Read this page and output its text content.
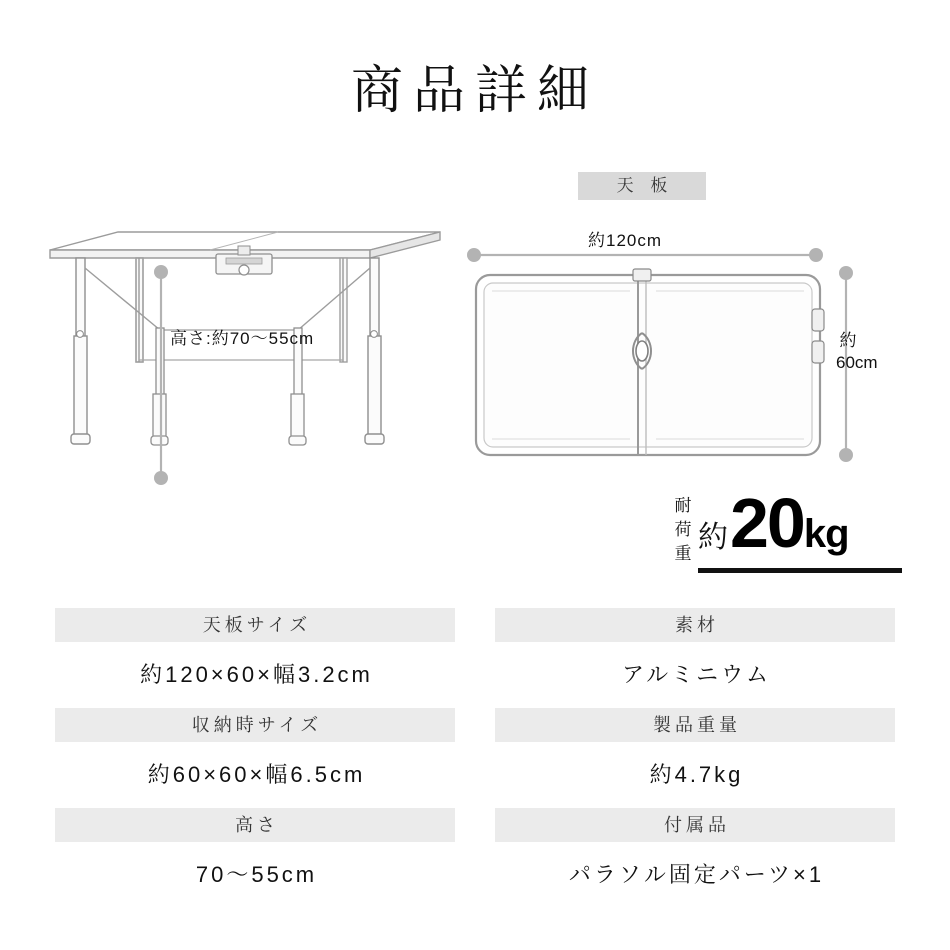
商品詳細
高さ:約70〜55cm
天 板
約120cm
約60cm
耐荷重 約 20 kg
天板サイズ
約120×60×幅3.2cm
素材
アルミニウム
収納時サイズ
約60×60×幅6.5cm
製品重量
約4.7kg
高さ
70〜55cm
付属品
パラソル固定パーツ×1
